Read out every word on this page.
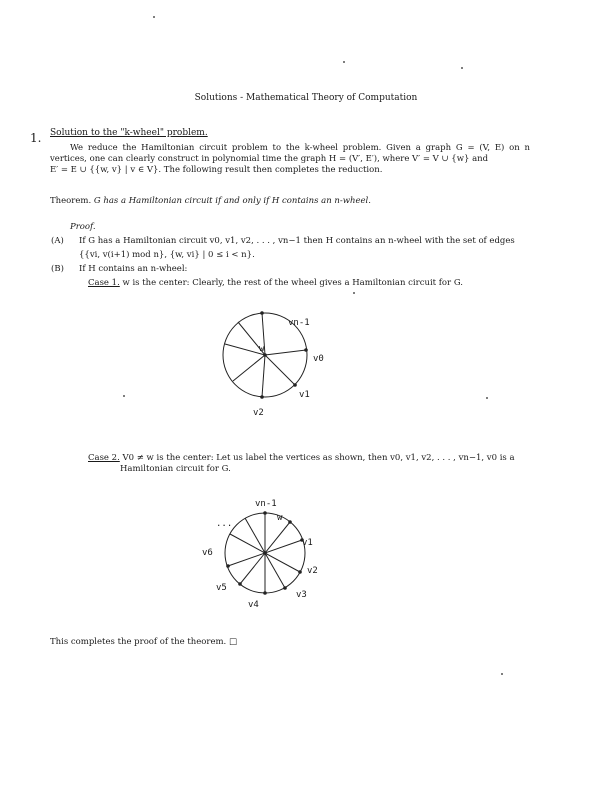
Solutions - Mathematical Theory of Computation
1. Solution to the "k-wheel" problem.

We reduce the Hamiltonian circuit problem to the k-wheel problem. Given a graph G = (V, E) on n vertices, one can clearly construct in polynomial time the graph H = (V′, E′), where V′ = V ∪ {w} and

E′ = E ∪ {{w, v} | v ∈ V}. The following result then completes the reduction.

Theorem. G has a Hamiltonian circuit if and only if H contains an n-wheel.
Proof.
(A) If G has a Hamiltonian circuit v0, v1, v2, . . . , vn−1 then H contains an n-wheel with the set of edges
{{vi, v(i+1) mod n}, {w, vi} | 0 ≤ i < n}.
(B) If H contains an n-wheel:
Case 1. w is the center: Clearly, the rest of the wheel gives a Hamiltonian circuit for G.
Case 2. V0 ≠ w is the center: Let us label the vertices as shown, then v0, v1, v2, . . . , vn−1, v0 is a
Hamiltonian circuit for G.
vn-1
w
v0
v1
v2
vn-1
w
v1
v2
v3
v4
v5
v6
...
This completes the proof of the theorem. □
